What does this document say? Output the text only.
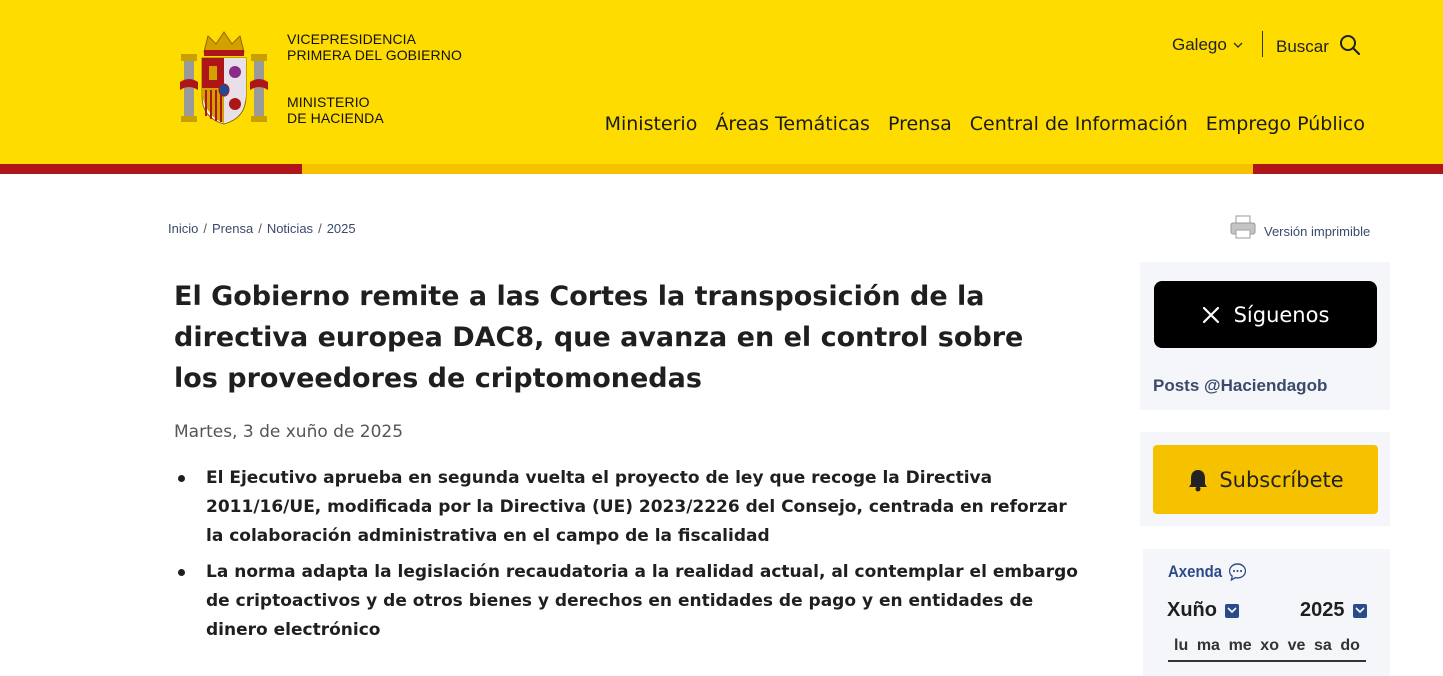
VICEPRESIDENCIA
PRIMERA DEL GOBIERNO
MINISTERIO
DE HACIENDA
Galego	Buscar
Ministerio Áreas Temáticas Prensa Central de Información Emprego Público
Inicio / Prensa / Noticias / 2025	Versión imprimible
El Gobierno remite a las Cortes la transposición de la directiva europea DAC8, que avanza en el control sobre los proveedores de criptomonedas
Martes, 3 de xuño de 2025
El Ejecutivo aprueba en segunda vuelta el proyecto de ley que recoge la Directiva 2011/16/UE, modificada por la Directiva (UE) 2023/2226 del Consejo, centrada en reforzar la colaboración administrativa en el campo de la fiscalidad
La norma adapta la legislación recaudatoria a la realidad actual, al contemplar el embargo de criptoactivos y de otros bienes y derechos en entidades de pago y en entidades de dinero electrónico
Síguenos
Posts @Haciendagob
Subscríbete
Axenda
Xuño	2025
lu ma me xo ve sa do
